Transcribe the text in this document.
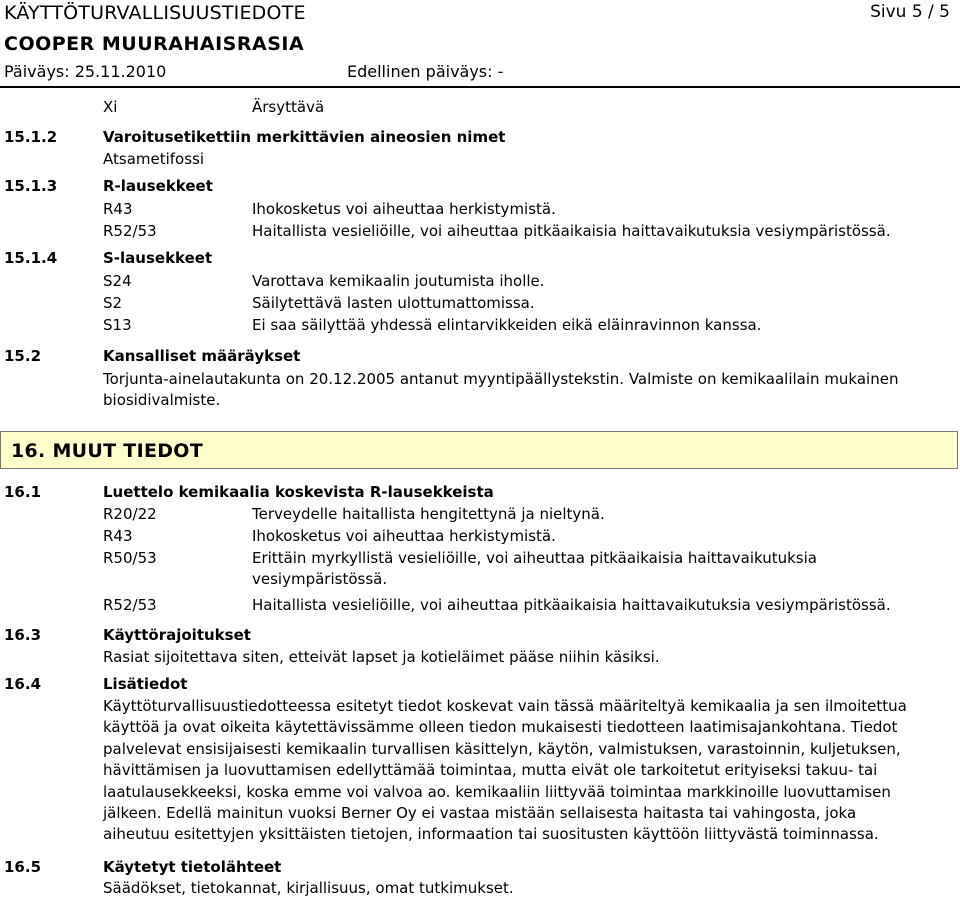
KÄYTTÖTURVALLISUUSTIEDOTE	Sivu 5 / 5
COOPER MUURAHAISRASIA
Päiväys: 25.11.2010	Edellinen päiväys: -
Xi	Ärsyttävä
15.1.2	Varoitusetikettiin merkittävien aineosien nimet
Atsametifossi
15.1.3	R-lausekkeet
R43	Ihokosketus voi aiheuttaa herkistymistä.
R52/53	Haitallista vesieliöille, voi aiheuttaa pitkäaikaisia haittavaikutuksia vesiympäristössä.
15.1.4	S-lausekkeet
S24	Varottava kemikaalin joutumista iholle.
S2	Säilytettävä lasten ulottumattomissa.
S13	Ei saa säilyttää yhdessä elintarvikkeiden eikä eläinravinnon kanssa.
15.2	Kansalliset määräykset
Torjunta-ainelautakunta on 20.12.2005 antanut myyntipäällystekstin. Valmiste on kemikaalilain mukainen
biosidivalmiste.
16. MUUT TIEDOT
16.1	Luettelo kemikaalia koskevista R-lausekkeista
R20/22	Terveydelle haitallista hengitettynä ja nieltynä.
R43	Ihokosketus voi aiheuttaa herkistymistä.
R50/53	Erittäin myrkyllistä vesieliöille, voi aiheuttaa pitkäaikaisia haittavaikutuksia
vesiympäristössä.
R52/53	Haitallista vesieliöille, voi aiheuttaa pitkäaikaisia haittavaikutuksia vesiympäristössä.
16.3	Käyttörajoitukset
Rasiat sijoitettava siten, etteivät lapset ja kotieläimet pääse niihin käsiksi.
16.4	Lisätiedot
Käyttöturvallisuustiedotteessa esitetyt tiedot koskevat vain tässä määriteltyä kemikaalia ja sen ilmoitettua käyttöä ja ovat oikeita käytettävissämme olleen tiedon mukaisesti tiedotteen laatimisajankohtana. Tiedot palvelevat ensisijaisesti kemikaalin turvallisen käsittelyn, käytön, valmistuksen, varastoinnin, kuljetuksen, hävittämisen ja luovuttamisen edellyttämää toimintaa, mutta eivät ole tarkoitetut erityiseksi takuu- tai laatulausekkeeksi, koska emme voi valvoa ao. kemikaaliin liittyvää toimintaa markkinoille luovuttamisen jälkeen. Edellä mainitun vuoksi Berner Oy ei vastaa mistään sellaisesta haitasta tai vahingosta, joka aiheutuu esitettyjen yksittäisten tietojen, informaation tai suositusten käyttöön liittyvästä toiminnassa.
16.5	Käytetyt tietolähteet
Säädökset, tietokannat, kirjallisuus, omat tutkimukset.
